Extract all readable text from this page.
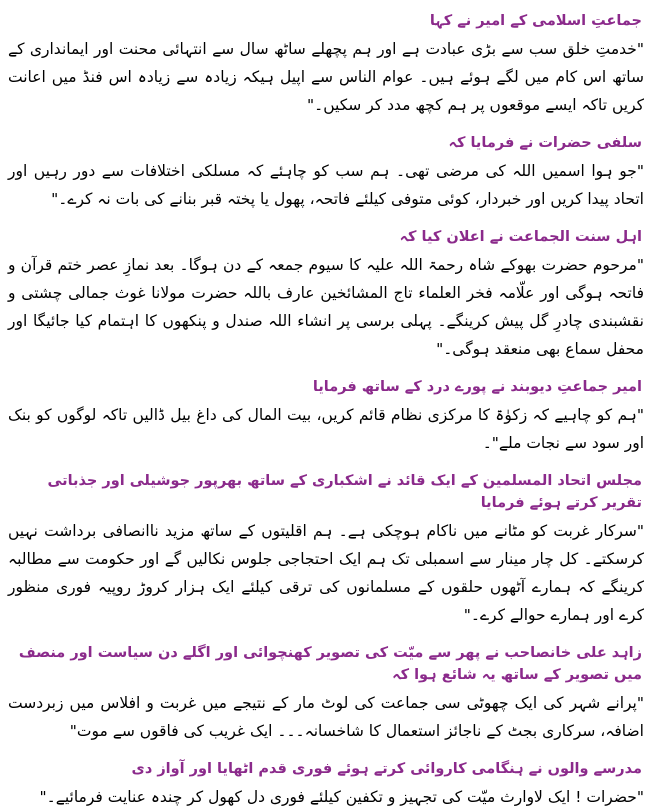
جماعتِ اسلامی کے امیر نے کہا

"خدمتِ خلق سب سے بڑی عبادت ہے اور ہم پچھلے ساٹھ سال سے انتہائی محنت اور ایمانداری کے ساتھ اس کام میں لگے ہوئے ہیں۔ عوام الناس سے اپیل ہیکہ زیادہ سے زیادہ اس فنڈ میں اعانت کریں تاکہ ایسے موقعوں پر ہم کچھ مدد کر سکیں۔"

سلفی حضرات نے فرمایا کہ

"جو ہوا اسمیں اللہ کی مرضی تھی۔ ہم سب کو چاہئے کہ مسلکی اختلافات سے دور رہیں اور اتحاد پیدا کریں اور خبردار، کوئی متوفی کیلئے فاتحہ، پھول یا پختہ قبر بنانے کی بات نہ کرے۔"

اہل سنت الجماعت نے اعلان کیا کہ

"مرحوم حضرت بھوکے شاہ رحمۃ اللہ علیہ کا سیوم جمعہ کے دن ہوگا۔ بعد نمازِ عصر ختم قرآن و فاتحہ ہوگی اور علّامہ فخر العلماء تاج المشائخین عارف باللہ حضرت مولانا غوث جمالی چشتی و نقشبندی چادرِ گل پیش کرینگے۔ پہلی برسی پر انشاء اللہ صندل و پنکھوں کا اہتمام کیا جائیگا اور محفل سماع بھی منعقد ہوگی۔"

امیر جماعتِ دیوبند نے پورے درد کے ساتھ فرمایا

"ہم کو چاہیے کہ زکوٰۃ کا مرکزی نظام قائم کریں، بیت المال کی داغ بیل ڈالیں تاکہ لوگوں کو بنک اور سود سے نجات ملے"۔

مجلس اتحاد المسلمین کے ایک قائد نے اشکباری کے ساتھ بھرپور جوشیلی اور جذباتی تقریر کرتے ہوئے فرمایا

"سرکار غربت کو مٹانے میں ناکام ہوچکی ہے۔ ہم اقلیتوں کے ساتھ مزید ناانصافی برداشت نہیں کرسکتے۔ کل چار مینار سے اسمبلی تک ہم ایک احتجاجی جلوس نکالیں گے اور حکومت سے مطالبہ کرینگے کہ ہمارے آٹھوں حلقوں کے مسلمانوں کی ترقی کیلئے ایک ہزار کروڑ روپیہ فوری منظور کرے اور ہمارے حوالے کرے۔"

زاہد علی خانصاحب نے پھر سے میّت کی تصویر کھنچوائی اور اگلے دن سیاست اور منصف میں تصویر کے ساتھ یہ شائع ہوا کہ

"پرانے شہر کی ایک چھوٹی سی جماعت کی لوٹ مار کے نتیجے میں غربت و افلاس میں زبردست اضافہ، سرکاری بجٹ کے ناجائز استعمال کا شاخسانہ۔۔۔ ایک غریب کی فاقوں سے موت"

مدرسے والوں نے ہنگامی کاروائی کرتے ہوئے فوری قدم اٹھایا اور آواز دی

"حضرات ! ایک لاوارث میّت کی تجہیز و تکفین کیلئے فوری دل کھول کر چندہ عنایت فرمائیے۔"
